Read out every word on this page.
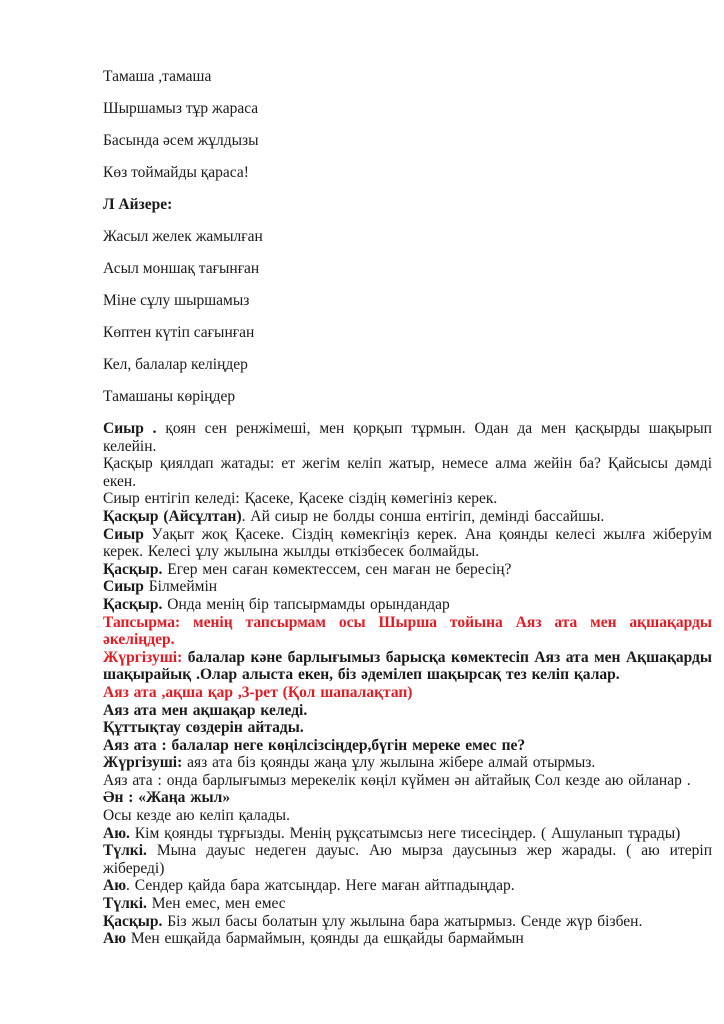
Тамаша ,тамаша

Шыршамыз тұр жараса

Басында әсем жұлдызы

Көз тоймайды қараса!

Л Айзере:

Жасыл желек жамылған

Асыл моншақ тағынған

Міне сұлу шыршамыз

Көптен күтіп сағынған

Кел, балалар келіңдер

Тамашаны көріңдер

Сиыр . қоян сен ренжімеші, мен қорқып тұрмын. Одан да мен қасқырды шақырып келейін.

Қасқыр қиялдап жатады: ет жегім келіп жатыр, немесе алма жейін ба? Қайсысы дәмді екен.

Сиыр ентігіп келеді: Қасеке, Қасеке сіздің көмегініз керек.

Қасқыр (Айсұлтан). Ай сиыр не болды сонша ентігіп, демінді бассайшы.

Сиыр Уақыт жоқ Қасеке. Сіздің көмекгіңіз керек. Ана қоянды келесі жылға жіберуім керек. Келесі ұлу жылына жылды өткізбесек болмайды.

Қасқыр. Егер мен саған көмектессем, сен маған не бересің?

Сиыр Білмеймін

Қасқыр. Онда менің бір тапсырмамды орындандар

Тапсырма: менің тапсырмам осы Шырша тойына Аяз ата мен ақшақарды әкеліңдер.

Жүргізуші: балалар кәне барлығымыз барысқа көмектесіп Аяз ата мен Ақшақарды шақырайық .Олар алыста екен, біз әдемілеп шақырсақ тез келіп қалар.

Аяз ата ,ақша қар ,3-рет (Қол шапалақтап)

Аяз ата мен ақшақар келеді.

Құттықтау сөздерін айтады.

Аяз ата : балалар неге көңілсізсіңдер,бүгін мереке емес пе?

Жүргізуші: аяз ата біз қоянды жаңа ұлу жылына жібере алмай отырмыз.

Аяз ата : онда барлығымыз мерекелік көңіл күймен ән айтайық Сол кезде аю ойланар .

Ән : «Жаңа жыл»

Осы кезде аю келіп қалады.

Аю. Кім қоянды тұрғызды. Менің рұқсатымсыз неге тисесіңдер. ( Ашуланып тұрады)

Түлкі. Мына дауыс недеген дауыс. Аю мырза даусыныз жер жарады. ( аю итеріп жібереді)

Аю. Сендер қайда бара жатсыңдар. Неге маған айтпадыңдар.

Түлкі. Мен емес, мен емес

Қасқыр. Біз жыл басы болатын ұлу жылына бара жатырмыз. Сенде жүр бізбен.

Аю Мен ешқайда бармаймын, қоянды да ешқайды бармаймын
